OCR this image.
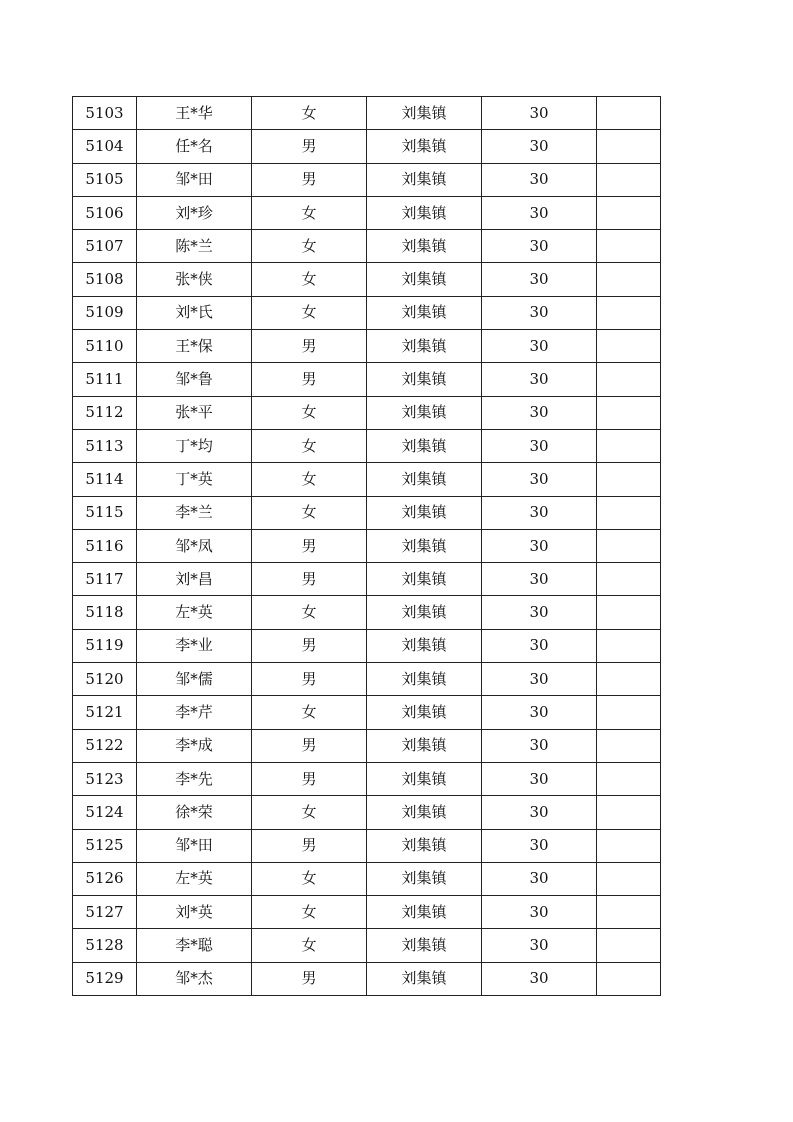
5103	王*华	女	刘集镇	30	
5104	任*名	男	刘集镇	30	
5105	邹*田	男	刘集镇	30	
5106	刘*珍	女	刘集镇	30	
5107	陈*兰	女	刘集镇	30	
5108	张*侠	女	刘集镇	30	
5109	刘*氏	女	刘集镇	30	
5110	王*保	男	刘集镇	30	
5111	邹*鲁	男	刘集镇	30	
5112	张*平	女	刘集镇	30	
5113	丁*均	女	刘集镇	30	
5114	丁*英	女	刘集镇	30	
5115	李*兰	女	刘集镇	30	
5116	邹*凤	男	刘集镇	30	
5117	刘*昌	男	刘集镇	30	
5118	左*英	女	刘集镇	30	
5119	李*业	男	刘集镇	30	
5120	邹*儒	男	刘集镇	30	
5121	李*芹	女	刘集镇	30	
5122	李*成	男	刘集镇	30	
5123	李*先	男	刘集镇	30	
5124	徐*荣	女	刘集镇	30	
5125	邹*田	男	刘集镇	30	
5126	左*英	女	刘集镇	30	
5127	刘*英	女	刘集镇	30	
5128	李*聪	女	刘集镇	30	
5129	邹*杰	男	刘集镇	30	
